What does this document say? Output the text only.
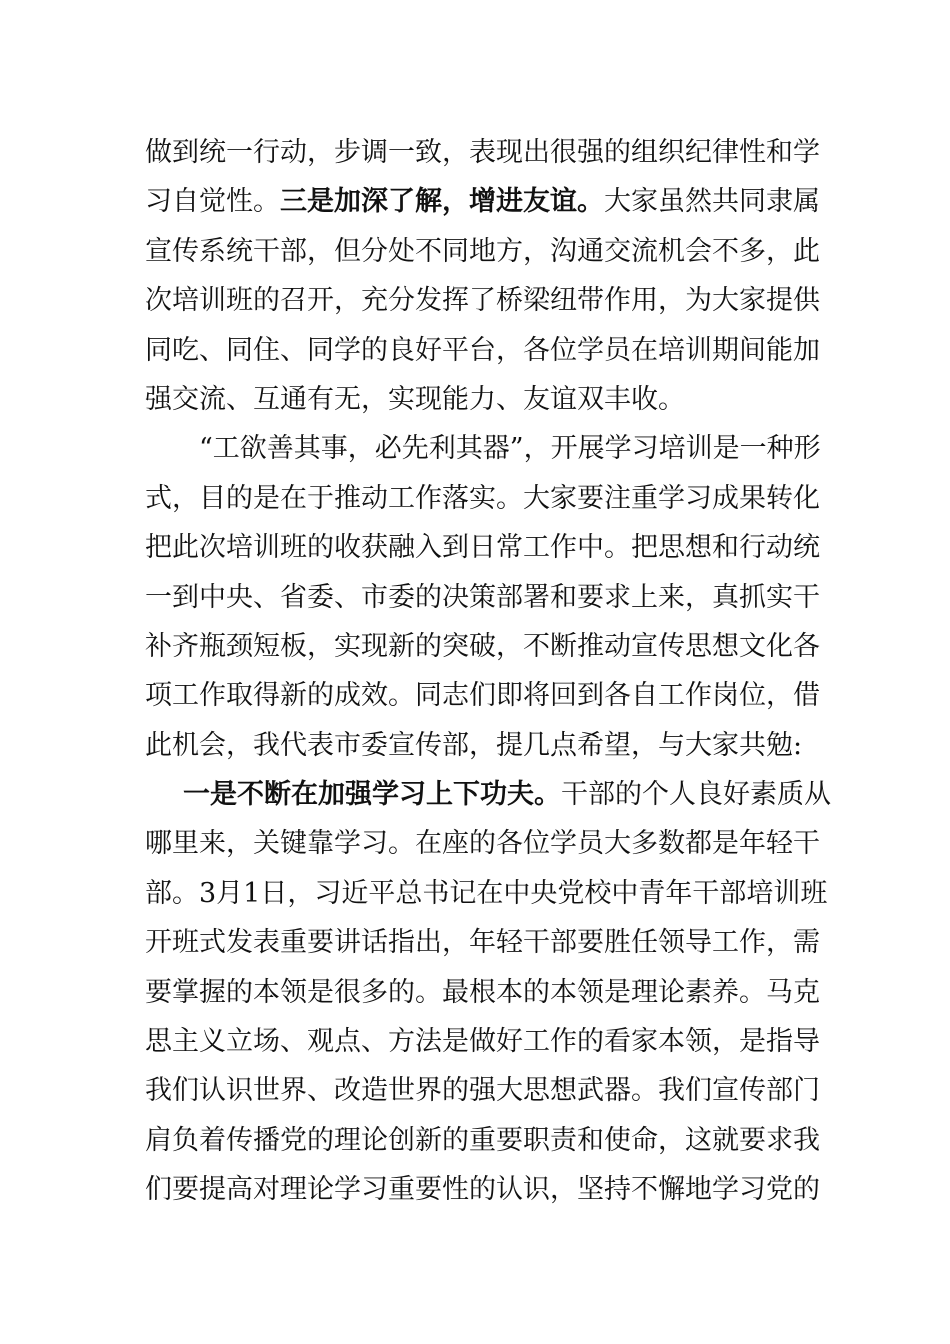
做到统一行动，步调一致，表现出很强的组织纪律性和学
习自觉性。三是加深了解，增进友谊。大家虽然共同隶属
宣传系统干部，但分处不同地方，沟通交流机会不多，此
次培训班的召开，充分发挥了桥梁纽带作用，为大家提供
同吃、同住、同学的良好平台，各位学员在培训期间能加
强交流、互通有无，实现能力、友谊双丰收。
“工欲善其事，必先利其器”，开展学习培训是一种形
式，目的是在于推动工作落实。大家要注重学习成果转化
把此次培训班的收获融入到日常工作中。把思想和行动统
一到中央、省委、市委的决策部署和要求上来，真抓实干
补齐瓶颈短板，实现新的突破，不断推动宣传思想文化各
项工作取得新的成效。同志们即将回到各自工作岗位，借
此机会，我代表市委宣传部，提几点希望，与大家共勉:
一是不断在加强学习上下功夫。干部的个人良好素质从
哪里来，关键靠学习。在座的各位学员大多数都是年轻干
部。3月1日，习近平总书记在中央党校中青年干部培训班
开班式发表重要讲话指出，年轻干部要胜任领导工作，需
要掌握的本领是很多的。最根本的本领是理论素养。马克
思主义立场、观点、方法是做好工作的看家本领，是指导
我们认识世界、改造世界的强大思想武器。我们宣传部门
肩负着传播党的理论创新的重要职责和使命，这就要求我
们要提高对理论学习重要性的认识，坚持不懈地学习党的
